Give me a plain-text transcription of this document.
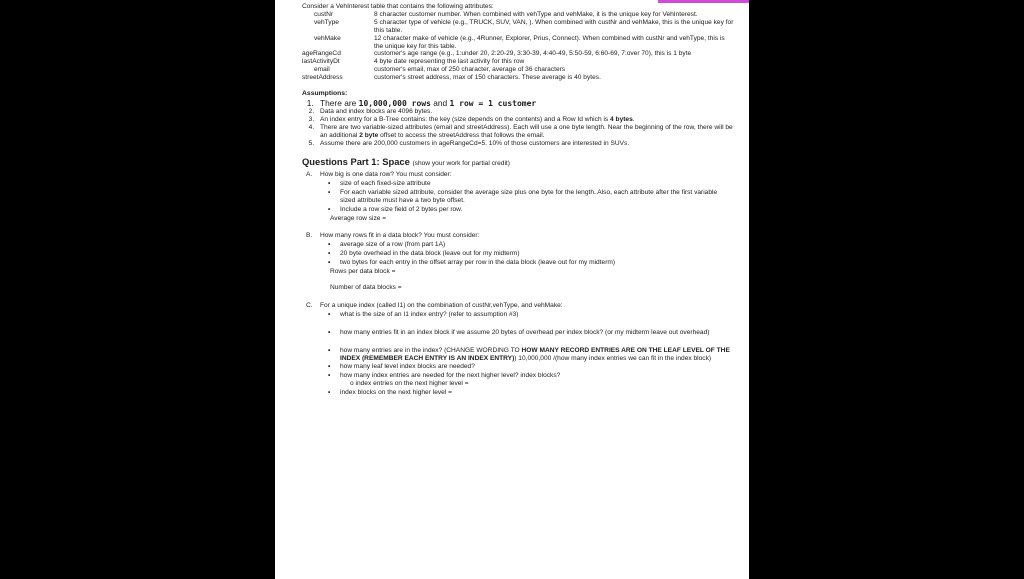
Consider a VehInterest table that contains the following attributes:

custNr	8 character customer number. When combined with vehType and vehMake, it is the unique key for VehInterest.
vehType	5 character type of vehicle (e.g., TRUCK, SUV, VAN, ). When combined with custNr and vehMake, this is the unique key for this table.
vehMake	12 character make of vehicle (e.g., 4Runner, Explorer, Prius, Connect). When combined with custNr and vehType, this is the unique key for this table.
ageRangeCd	customer's age range (e.g., 1:under 20, 2:20-29, 3:30-39, 4:40-49, 5:50-59, 6:60-69, 7:over 70), this is 1 byte
lastActivityDt	4 byte date representing the last activity for this row
email	customer's email, max of 250 character, average of 36 characters
streetAddress	customer's street address, max of 150 characters. These average is 40 bytes.
Assumptions:
1. There are 10,000,000 rows and 1 row = 1 customer
2. Data and index blocks are 4096 bytes.
3. An index entry for a B-Tree contains: the key (size depends on the contents) and a Row Id which is 4 bytes.
4. There are two variable-sized attributes (email and streetAddress). Each will use a one byte length. Near the beginning of the row, there will be an additional 2 byte offset to access the streetAddress that follows the email.
5. Assume there are 200,000 customers in ageRangeCd=5. 10% of those customers are interested in SUVs.
Questions Part 1: Space (show your work for partial credit)
A. How big is one data row? You must consider:
• size of each fixed-size attribute
• For each variable sized attribute, consider the average size plus one byte for the length. Also, each attribute after the first variable sized attribute must have a two byte offset.
• Include a row size field of 2 bytes per row.
Average row size =
B. How many rows fit in a data block? You must consider:
• average size of a row (from part 1A)
• 20 byte overhead in the data block (leave out for my midterm)
• two bytes for each entry in the offset array per row in the data block (leave out for my midterm)
Rows per data block =
Number of data blocks =
C. For a unique index (called I1) on the combination of custNr,vehType, and vehMake:
• what is the size of an I1 index entry? (refer to assumption #3)
• how many entries fit in an index block if we assume 20 bytes of overhead per index block? (or my midterm leave out overhead)
• how many entries are in the index? (CHANGE WORDING TO HOW MANY RECORD ENTRIES ARE ON THE LEAF LEVEL OF THE INDEX (REMEMBER EACH ENTRY IS AN INDEX ENTRY)) 10,000,000 /(how many index entries we can fit in the index block)
• how many leaf level index blocks are needed?
• how many index entries are needed for the next higher level? index blocks?
o index entries on the next higher level =
• index blocks on the next higher level =
